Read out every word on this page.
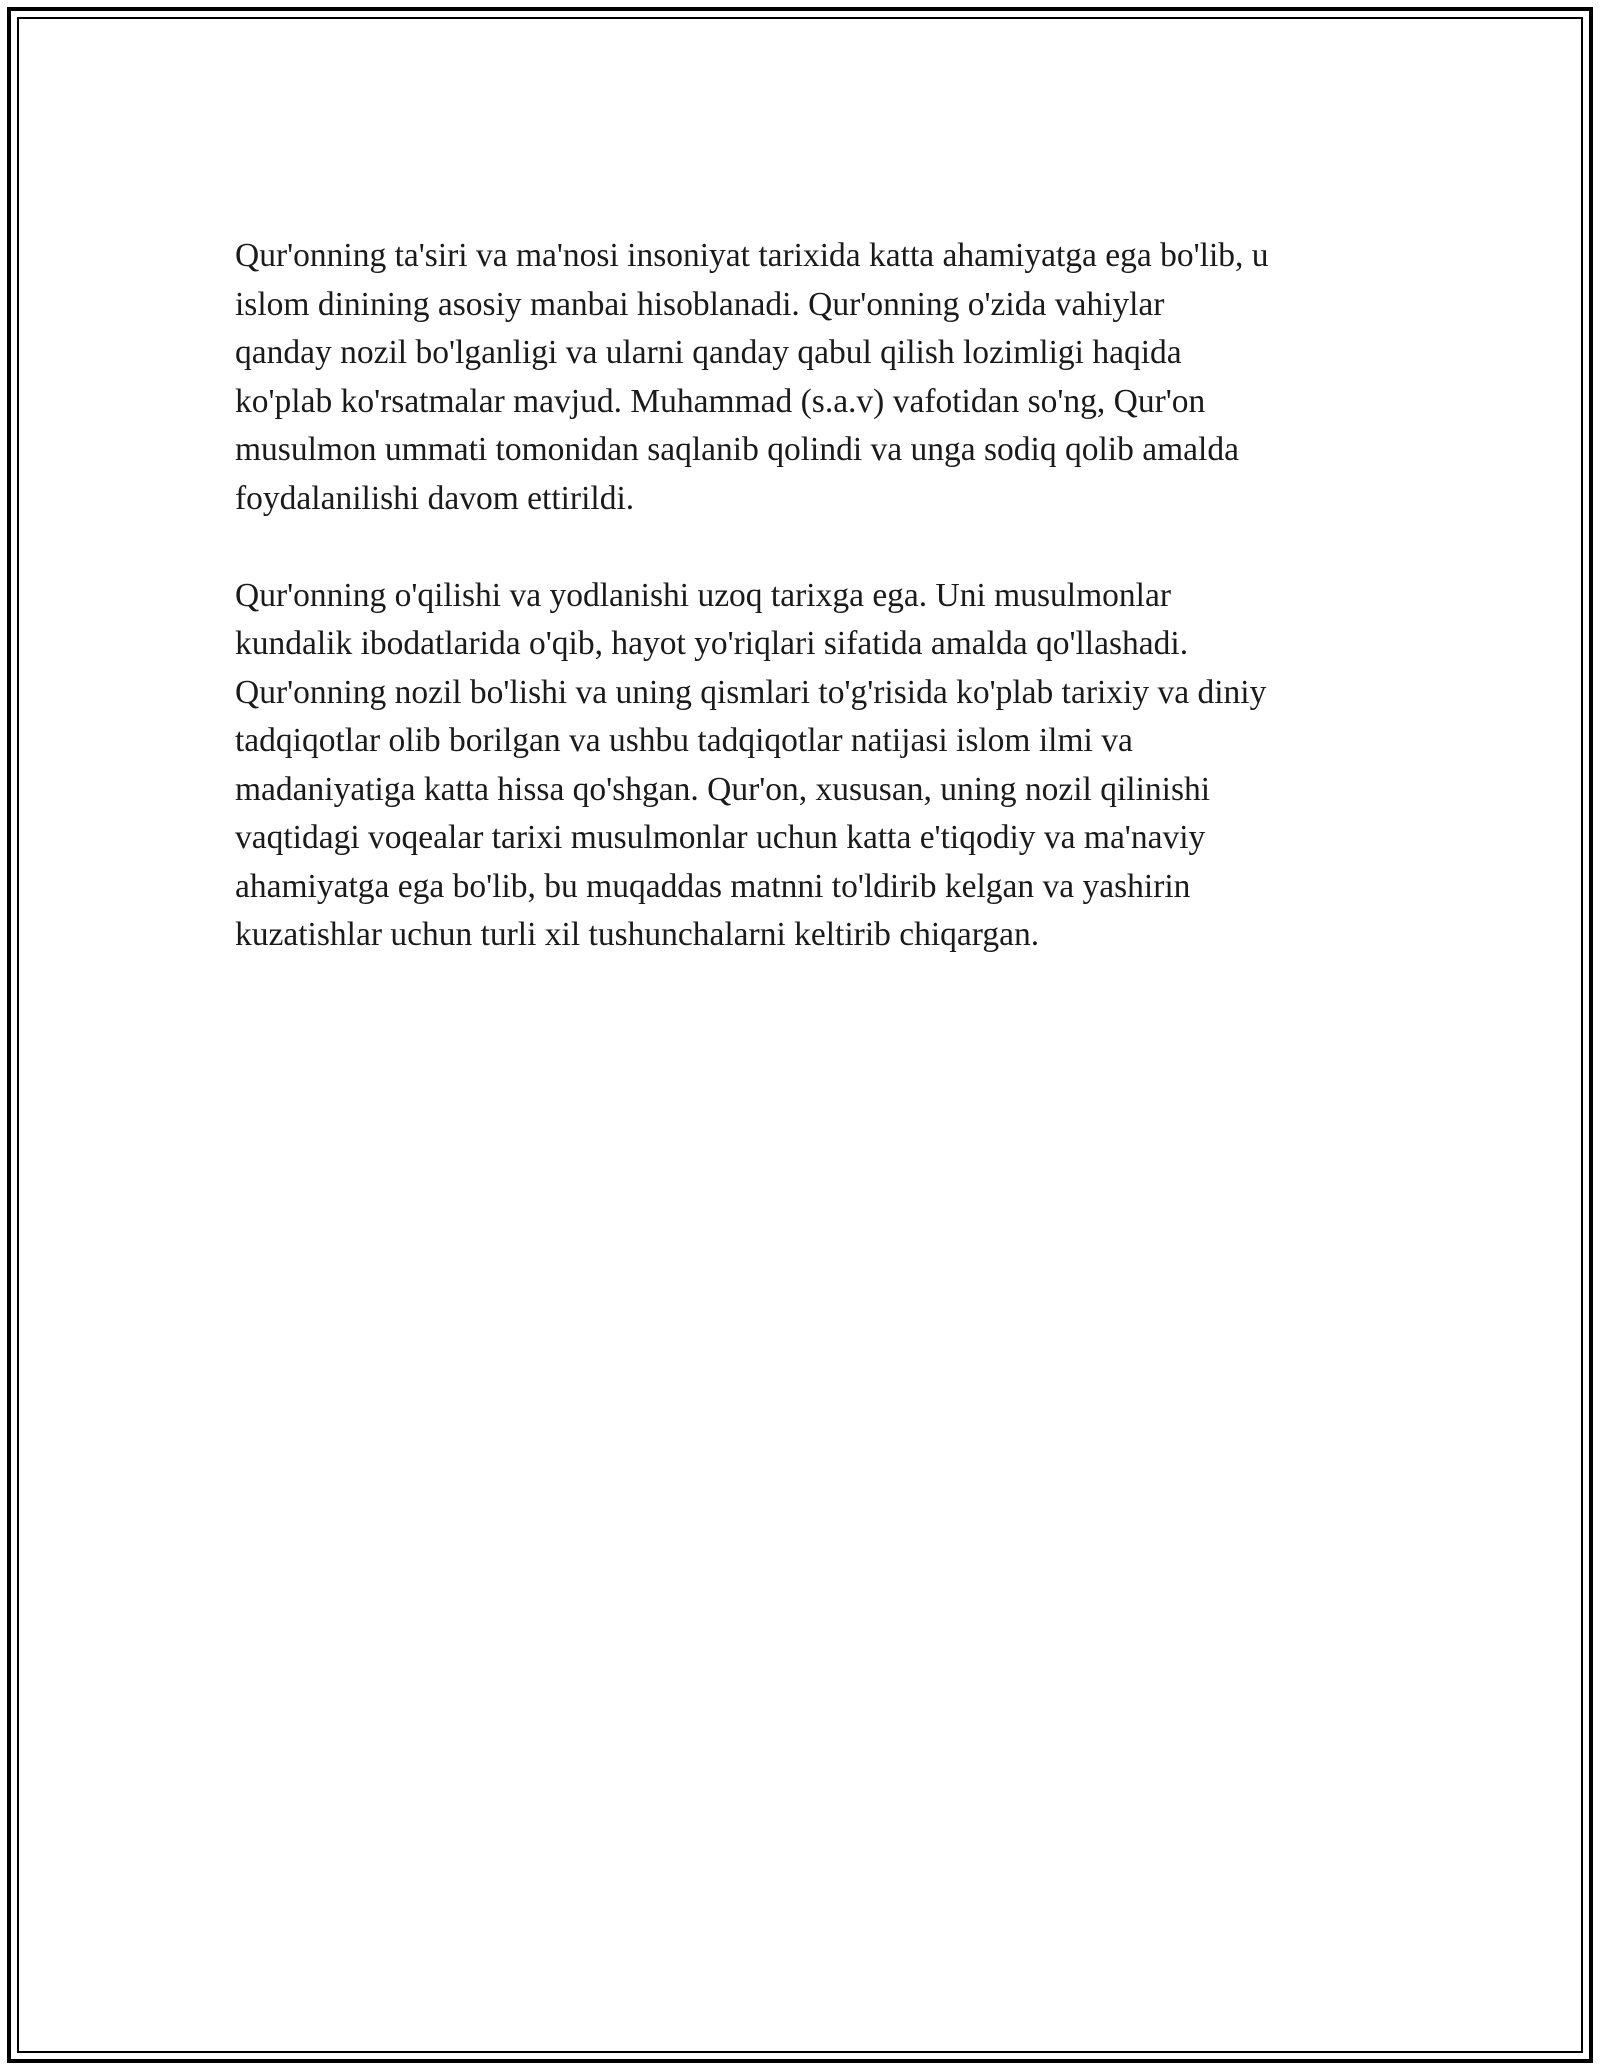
Qur'onning ta'siri va ma'nosi insoniyat tarixida katta ahamiyatga ega bo'lib, u
islom dinining asosiy manbai hisoblanadi. Qur'onning o'zida vahiylar
qanday nozil bo'lganligi va ularni qanday qabul qilish lozimligi haqida
ko'plab ko'rsatmalar mavjud. Muhammad (s.a.v) vafotidan so'ng, Qur'on
musulmon ummati tomonidan saqlanib qolindi va unga sodiq qolib amalda
foydalanilishi davom ettirildi.

Qur'onning o'qilishi va yodlanishi uzoq tarixga ega. Uni musulmonlar
kundalik ibodatlarida o'qib, hayot yo'riqlari sifatida amalda qo'llashadi.
Qur'onning nozil bo'lishi va uning qismlari to'g'risida ko'plab tarixiy va diniy
tadqiqotlar olib borilgan va ushbu tadqiqotlar natijasi islom ilmi va
madaniyatiga katta hissa qo'shgan. Qur'on, xususan, uning nozil qilinishi
vaqtidagi voqealar tarixi musulmonlar uchun katta e'tiqodiy va ma'naviy
ahamiyatga ega bo'lib, bu muqaddas matnni to'ldirib kelgan va yashirin
kuzatishlar uchun turli xil tushunchalarni keltirib chiqargan.
